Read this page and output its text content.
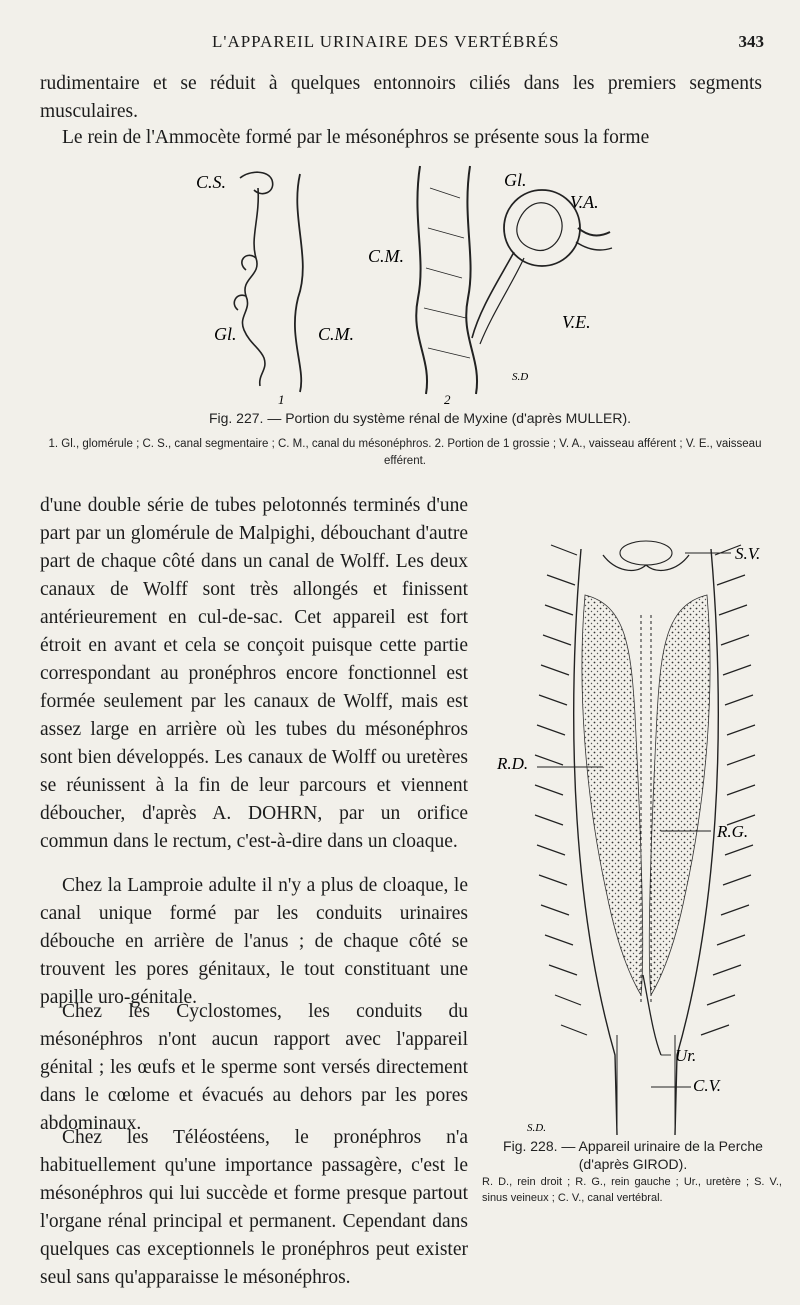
L'APPAREIL URINAIRE DES VERTÉBRÉS	343

rudimentaire et se réduit à quelques entonnoirs ciliés dans les premiers segments musculaires.

Le rein de l'Ammocète formé par le mésonéphros se présente sous la forme

C.S.
Gl.	C.M.
C.M.
Gl.
V.A.
V.E.
S.D
1	2
Fig. 227. — Portion du système rénal de Myxine (d'après MULLER).
1. Gl., glomérule ; C. S., canal segmentaire ; C. M., canal du mésonéphros. 2. Portion de 1 grossie ; V. A., vaisseau afférent ; V. E., vaisseau efférent.

d'une double série de tubes pelotonnés terminés d'une part par un glomérule de Malpighi, débouchant d'autre part de chaque côté dans un canal de Wolff. Les deux canaux de Wolff sont très allongés et finissent antérieurement en cul-de-sac. Cet appareil est fort étroit en avant et cela se conçoit puisque cette partie correspondant au pronéphros encore fonctionnel est formée seulement par les canaux de Wolff, mais est assez large en arrière où les tubes du mésonéphros sont bien développés. Les canaux de Wolff ou uretères se réunissent à la fin de leur parcours et viennent déboucher, d'après A. DOHRN, par un orifice commun dans le rectum, c'est-à-dire dans un cloaque.

Chez la Lamproie adulte il n'y a plus de cloaque, le canal unique formé par les conduits urinaires débouche en arrière de l'anus ; de chaque côté se trouvent les pores génitaux, le tout constituant une papille uro-génitale.

Chez les Cyclostomes, les conduits du mésonéphros n'ont aucun rapport avec l'appareil génital ; les œufs et le sperme sont versés directement dans le cœlome et évacués au dehors par les pores abdominaux.

Chez les Téléostéens, le pronéphros n'a habituellement qu'une importance passagère, c'est le mésonéphros qui lui succède et forme presque partout l'organe rénal principal et permanent. Cependant dans quelques cas exceptionnels le pronéphros peut exister seul sans qu'apparaisse le mésonéphros.

S.V.
R.D.
R.G.
Ur.
C.V.
S.D.
Fig. 228. — Appareil urinaire de la Perche (d'après GIROD).
R. D., rein droit ; R. G., rein gauche ; Ur., uretère ; S. V., sinus veineux ; C. V., canal vertébral.
